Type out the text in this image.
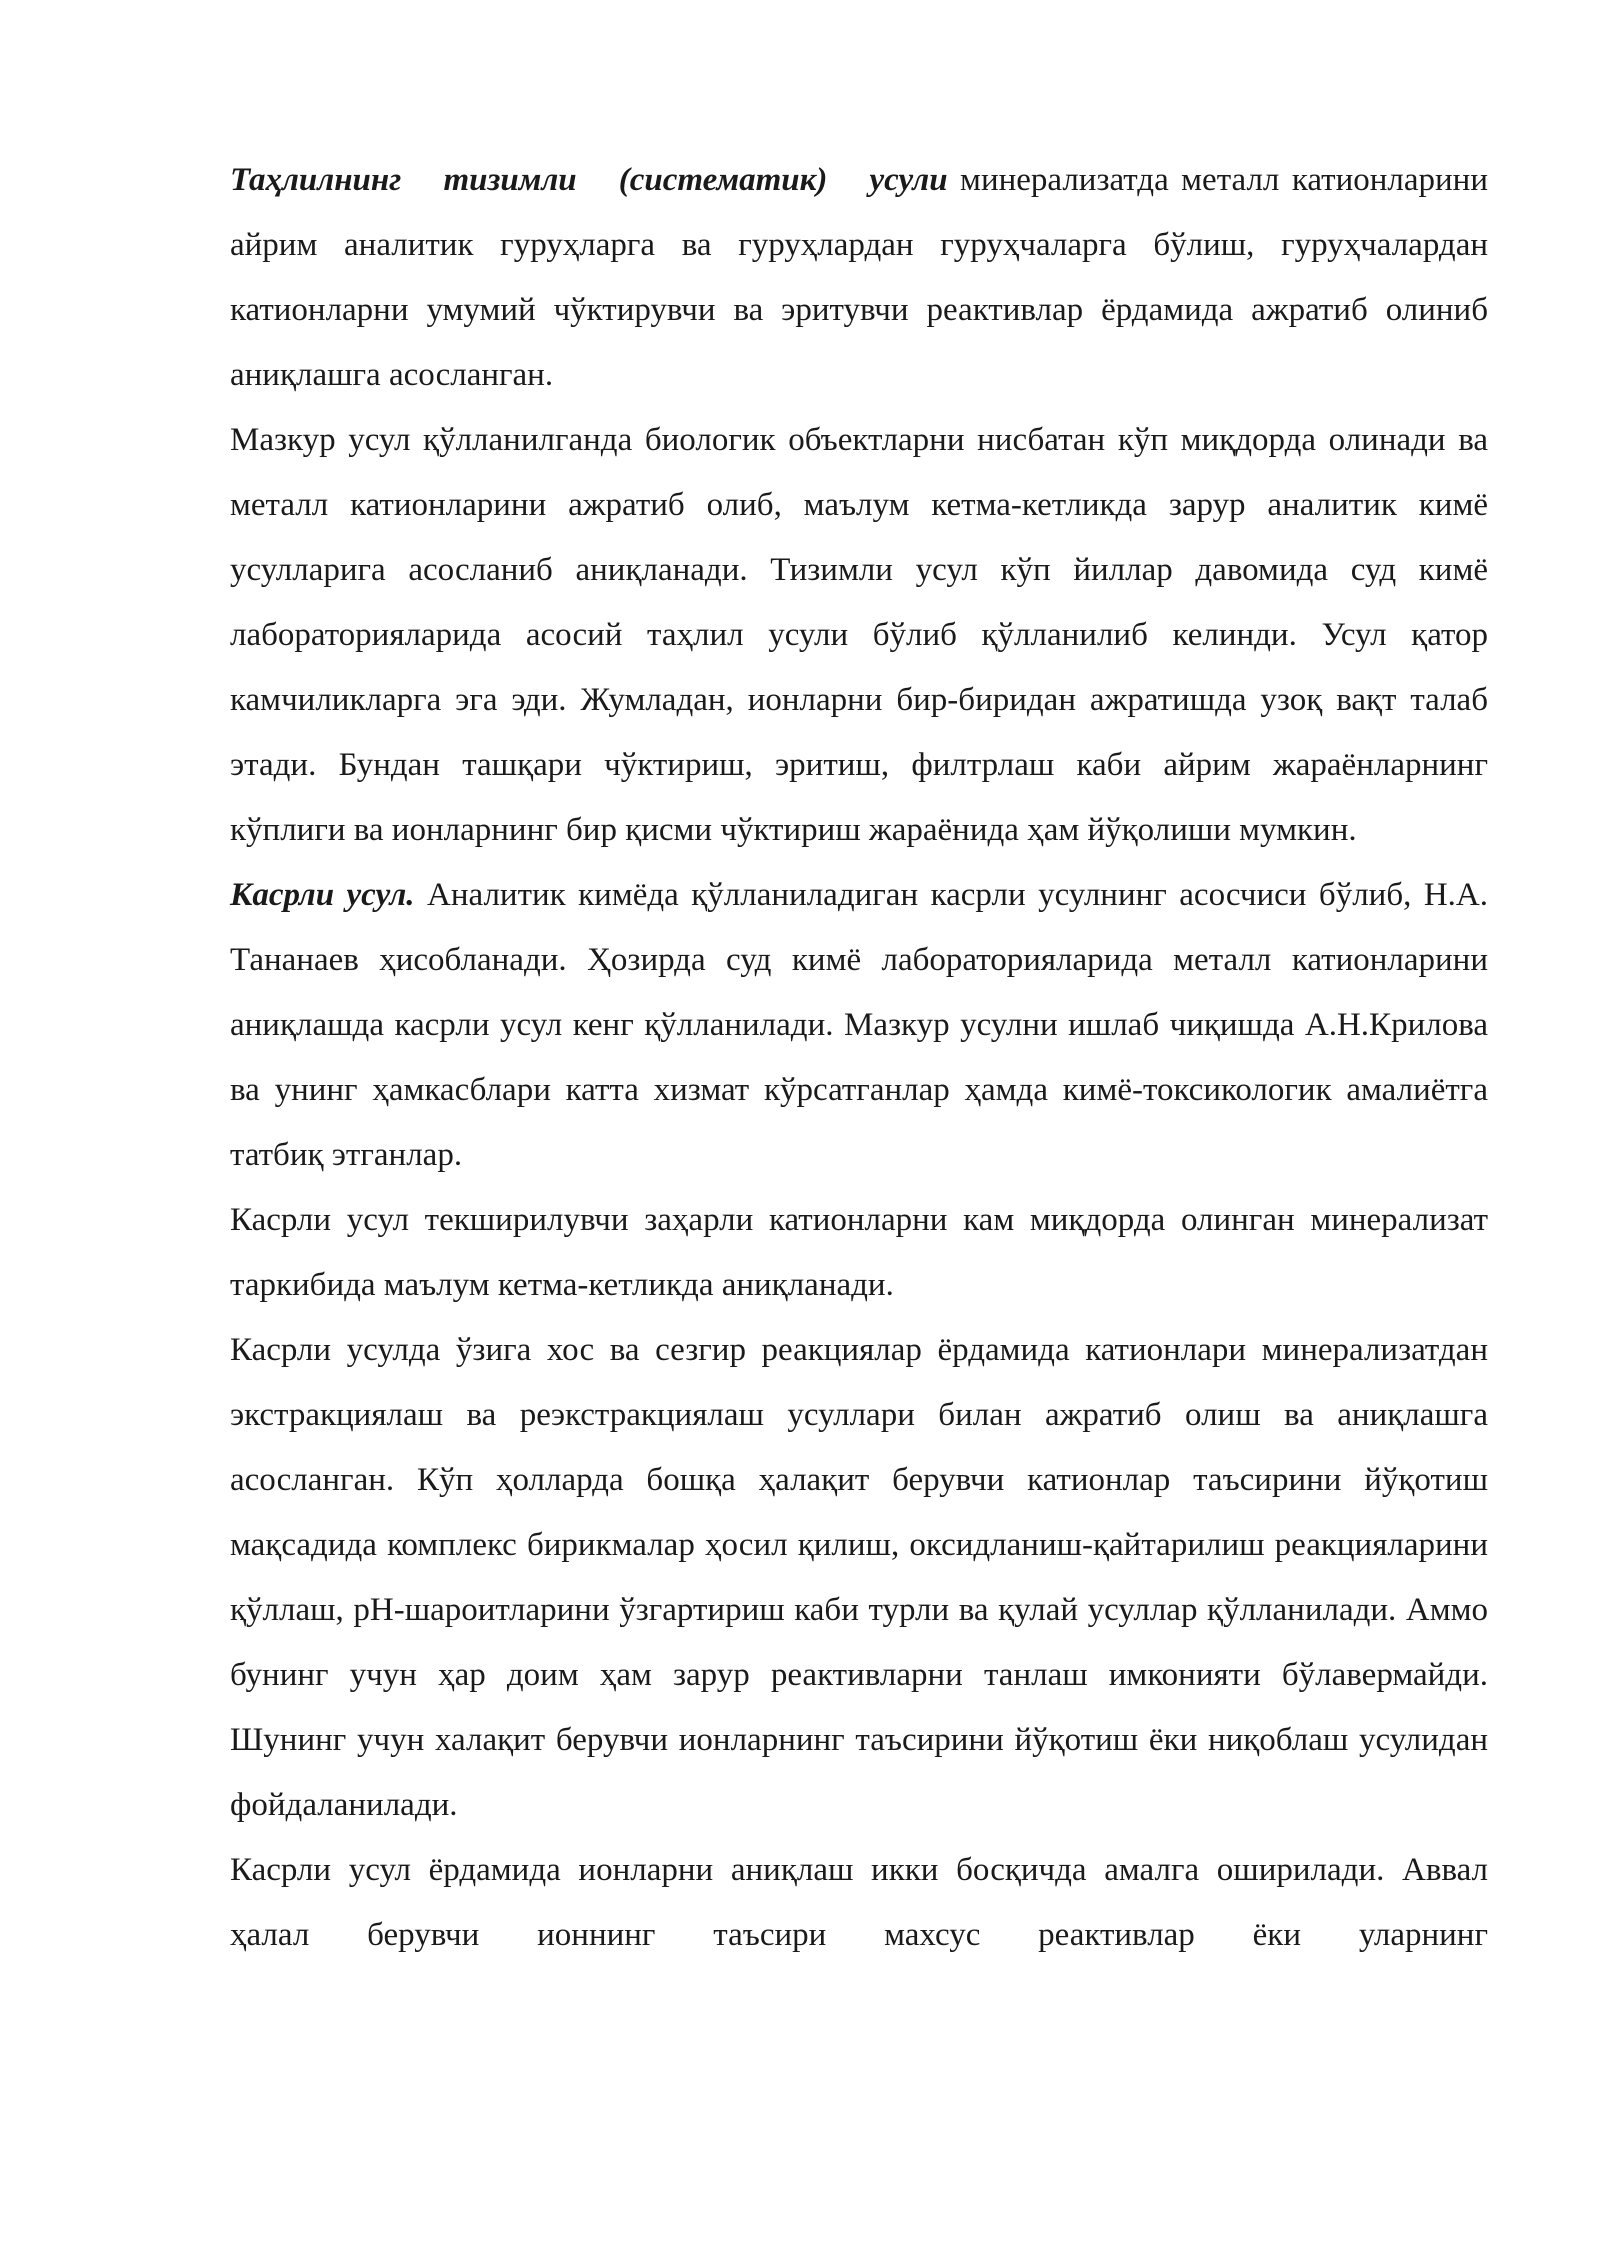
Таҳлилнинг тизимли (систематик) усули минерализатда металл катионларини айрим аналитик гуруҳларга ва гуруҳлардан гуруҳчаларга бўлиш, гуруҳчалардан катионларни умумий чўктирувчи ва эритувчи реактивлар ёрдамида ажратиб олиниб аниқлашга асосланган.

Мазкур усул қўлланилганда биологик объектларни нисбатан кўп миқдорда олинади ва металл катионларини ажратиб олиб, маълум кетма-кетликда зарур аналитик кимё усулларига асосланиб аниқланади. Тизимли усул кўп йиллар давомида суд кимё лабораторияларида асосий таҳлил усули бўлиб қўлланилиб келинди. Усул қатор камчиликларга эга эди. Жумладан, ионларни бир-биридан ажратишда узоқ вақт талаб этади. Бундан ташқари чўктириш, эритиш, филтрлаш каби айрим жараёнларнинг кўплиги ва ионларнинг бир қисми чўктириш жараёнида ҳам йўқолиши мумкин.

Касрли усул. Аналитик кимёда қўлланиладиган касрли усулнинг асосчиси бўлиб, Н.А. Тананаев ҳисобланади. Ҳозирда суд кимё лабораторияларида металл катионларини аниқлашда касрли усул кенг қўлланилади. Мазкур усулни ишлаб чиқишда А.Н.Крилова ва унинг ҳамкасблари катта хизмат кўрсатганлар ҳамда кимё-токсикологик амалиётга татбиқ этганлар.

Касрли усул текширилувчи заҳарли катионларни кам миқдорда олинган минерализат таркибида маълум кетма-кетликда аниқланади.

Касрли усулда ўзига хос ва сезгир реакциялар ёрдамида катионлари минерализатдан экстракциялаш ва реэкстракциялаш усуллари билан ажратиб олиш ва аниқлашга асосланган. Кўп ҳолларда бошқа ҳалақит берувчи катионлар таъсирини йўқотиш мақсадида комплекс бирикмалар ҳосил қилиш, оксидланиш-қайтарилиш реакцияларини қўллаш, рН-шароитларини ўзгартириш каби турли ва қулай усуллар қўлланилади. Аммо бунинг учун ҳар доим ҳам зарур реактивларни танлаш имконияти бўлавермайди. Шунинг учун халақит берувчи ионларнинг таъсирини йўқотиш ёки ниқоблаш усулидан фойдаланилади.

Касрли усул ёрдамида ионларни аниқлаш икки босқичда амалга оширилади. Аввал ҳалал берувчи ионнинг таъсири махсус реактивлар ёки уларнинг
